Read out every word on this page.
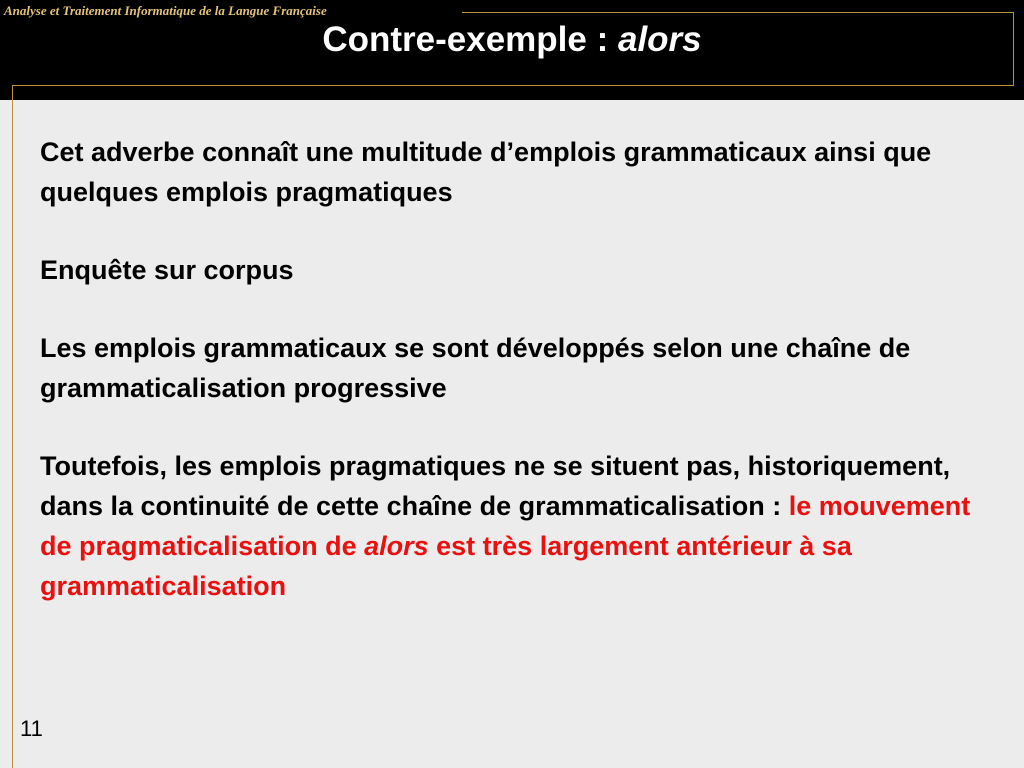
Analyse et Traitement Informatique de la Langue Française
Contre-exemple : alors

Cet adverbe connaît une multitude d’emplois grammaticaux ainsi que quelques emplois pragmatiques

Enquête sur corpus

Les emplois grammaticaux se sont développés selon une chaîne de grammaticalisation progressive

Toutefois, les emplois pragmatiques ne se situent pas, historiquement, dans la continuité de cette chaîne de grammaticalisation : le mouvement de pragmaticalisation de alors est très largement antérieur à sa grammaticalisation

11
